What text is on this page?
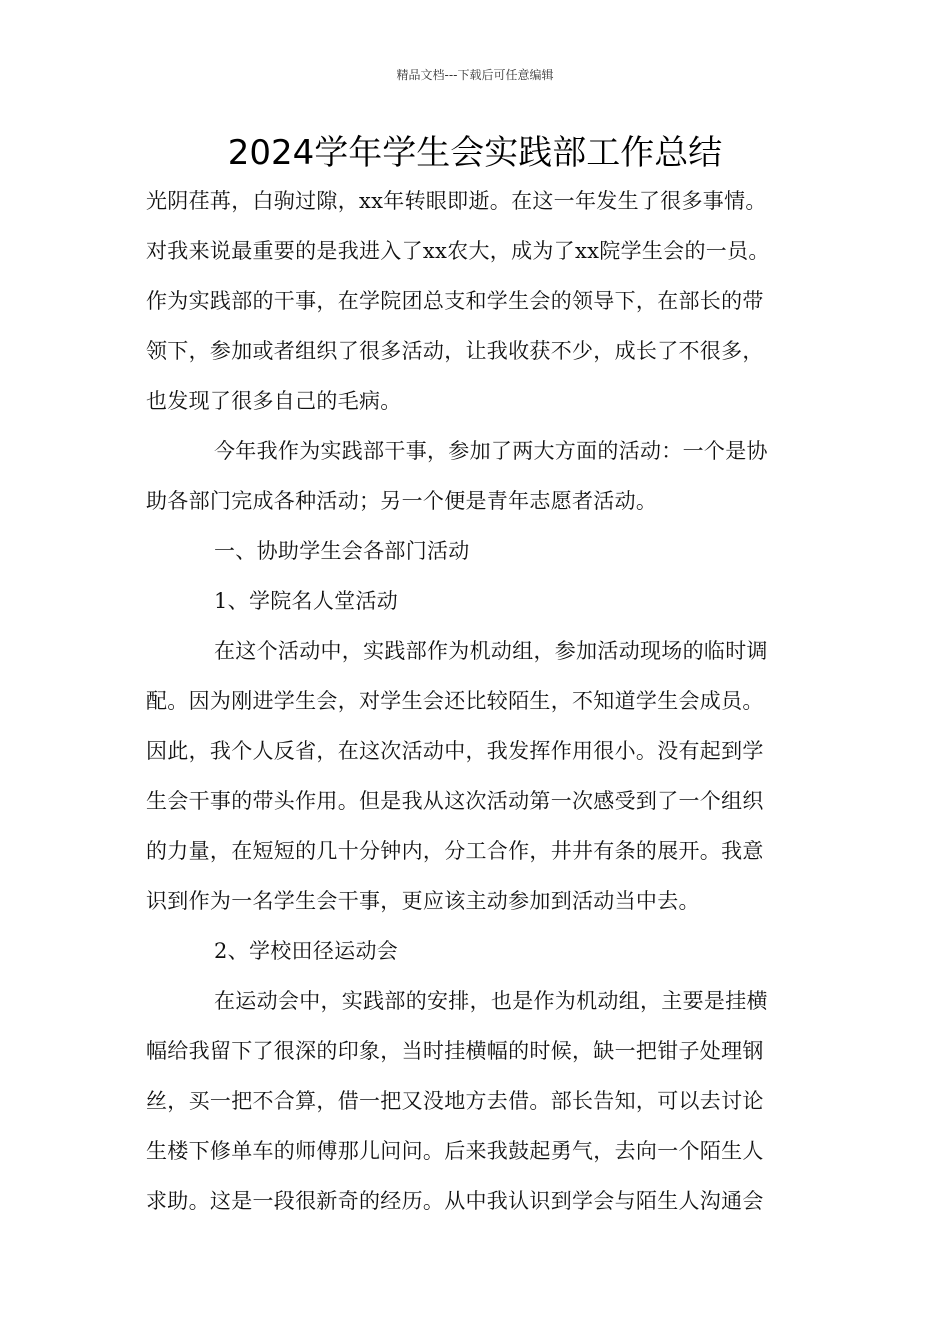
精品文档---下载后可任意编辑
2024学年学生会实践部工作总结
光阴荏苒，白驹过隙，xx年转眼即逝。在这一年发生了很多事情。
对我来说最重要的是我进入了xx农大，成为了xx院学生会的一员。
作为实践部的干事，在学院团总支和学生会的领导下，在部长的带
领下，参加或者组织了很多活动，让我收获不少，成长了不很多，
也发现了很多自己的毛病。
今年我作为实践部干事，参加了两大方面的活动：一个是协
助各部门完成各种活动；另一个便是青年志愿者活动。
一、协助学生会各部门活动
1、学院名人堂活动
在这个活动中，实践部作为机动组，参加活动现场的临时调
配。因为刚进学生会，对学生会还比较陌生，不知道学生会成员。
因此，我个人反省，在这次活动中，我发挥作用很小。没有起到学
生会干事的带头作用。但是我从这次活动第一次感受到了一个组织
的力量，在短短的几十分钟内，分工合作，井井有条的展开。我意
识到作为一名学生会干事，更应该主动参加到活动当中去。
2、学校田径运动会
在运动会中，实践部的安排，也是作为机动组，主要是挂横
幅给我留下了很深的印象，当时挂横幅的时候，缺一把钳子处理钢
丝，买一把不合算，借一把又没地方去借。部长告知，可以去讨论
生楼下修单车的师傅那儿问问。后来我鼓起勇气，去向一个陌生人
求助。这是一段很新奇的经历。从中我认识到学会与陌生人沟通会
